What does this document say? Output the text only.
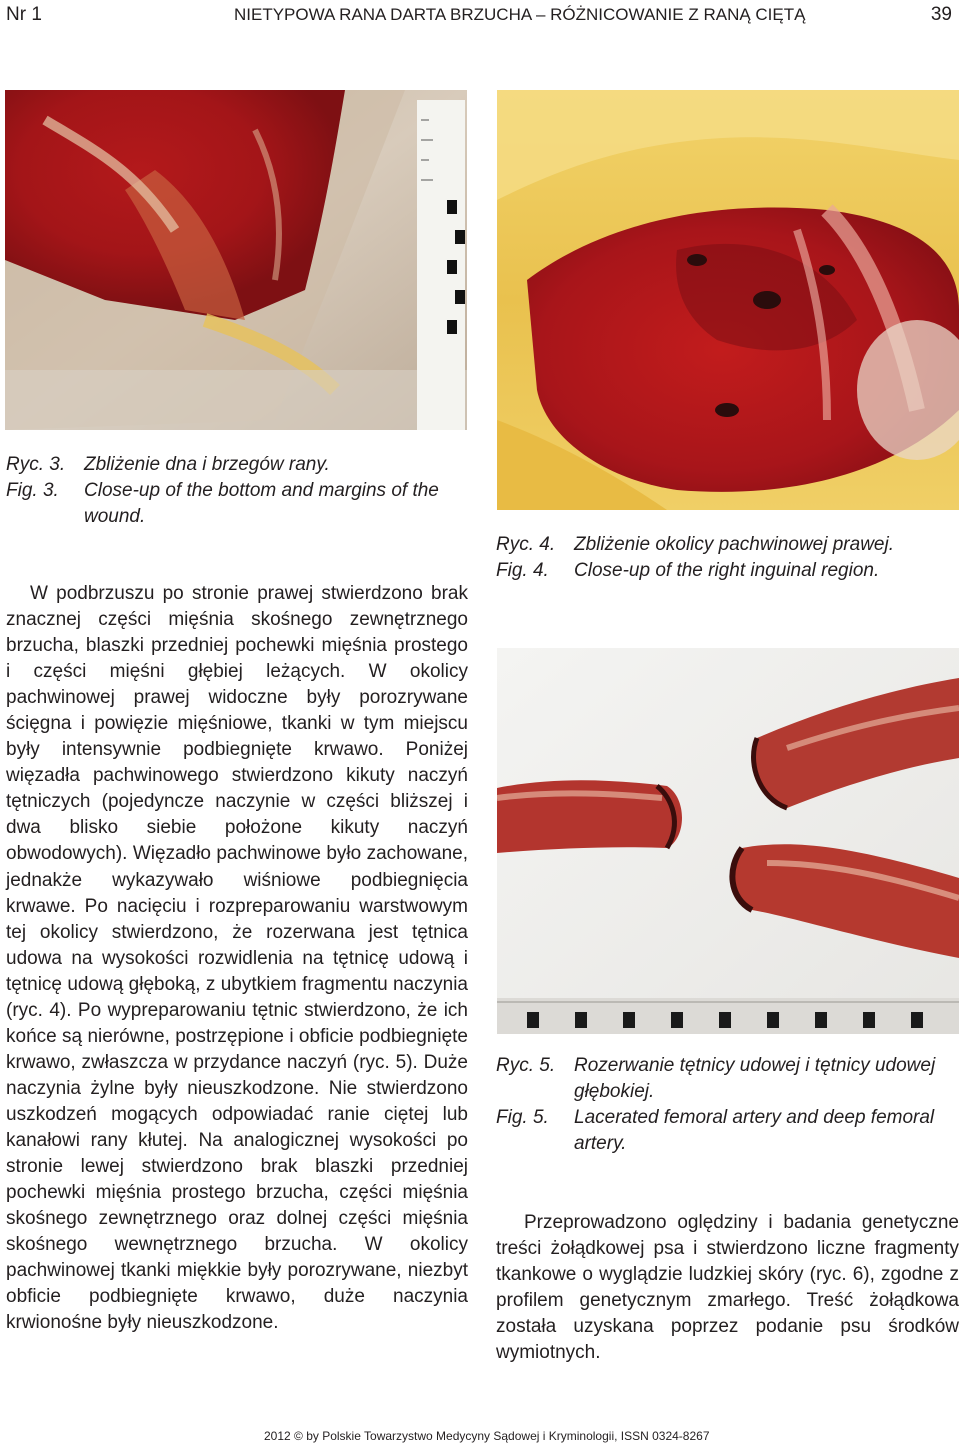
Nr 1	NIETYPOWA RANA DARTA BRZUCHA – RÓŻNICOWANIE Z RANĄ CIĘTĄ	39
Ryc. 3. Zbliżenie dna i brzegów rany.
Fig. 3.	Close-up of the bottom and margins of the wound.
Ryc. 4. Zbliżenie okolicy pachwinowej prawej.
Fig. 4.	Close-up of the right inguinal region.
Ryc. 5. Rozerwanie tętnicy udowej i tętnicy udowej głębokiej.
Fig. 5.	Lacerated femoral artery and deep femoral artery.

W podbrzuszu po stronie prawej stwierdzono brak znacznej części mięśnia skośnego zewnętrznego brzucha, blaszki przedniej pochewki mięśnia prostego i części mięśni głębiej leżących. W okolicy pachwinowej prawej widoczne były porozrywane ścięgna i powięzie mięśniowe, tkanki w tym miejscu były intensywnie podbiegnięte krwawo. Poniżej więzadła pachwinowego stwierdzono kikuty naczyń tętniczych (pojedyncze naczynie w części bliższej i dwa blisko siebie położone kikuty naczyń obwodowych). Więzadło pachwinowe było zachowane, jednakże wykazywało wiśniowe podbiegnięcia krwawe. Po nacięciu i rozpreparowaniu warstwowym tej okolicy stwierdzono, że rozerwana jest tętnica udowa na wysokości rozwidlenia na tętnicę udową i tętnicę udową głęboką, z ubytkiem fragmentu naczynia (ryc. 4). Po wypreparowaniu tętnic stwierdzono, że ich końce są nierówne, postrzępione i obficie podbiegnięte krwawo, zwłaszcza w przydance naczyń (ryc. 5). Duże naczynia żylne były nieuszkodzone. Nie stwierdzono uszkodzeń mogących odpowiadać ranie ciętej lub kanałowi rany kłutej. Na analogicznej wysokości po stronie lewej stwierdzono brak blaszki przedniej pochewki mięśnia prostego brzucha, części mięśnia skośnego zewnętrznego oraz dolnej części mięśnia skośnego wewnętrznego brzucha. W okolicy pachwinowej tkanki miękkie były porozrywane, niezbyt obficie podbiegnięte krwawo, duże naczynia krwionośne były nieuszkodzone.

Przeprowadzono oględziny i badania genetyczne treści żołądkowej psa i stwierdzono liczne fragmenty tkankowe o wyglądzie ludzkiej skóry (ryc. 6), zgodne z profilem genetycznym zmarłego. Treść żołądkowa została uzyskana poprzez podanie psu środków wymiotnych.

2012 © by Polskie Towarzystwo Medycyny Sądowej i Kryminologii, ISSN 0324-8267
